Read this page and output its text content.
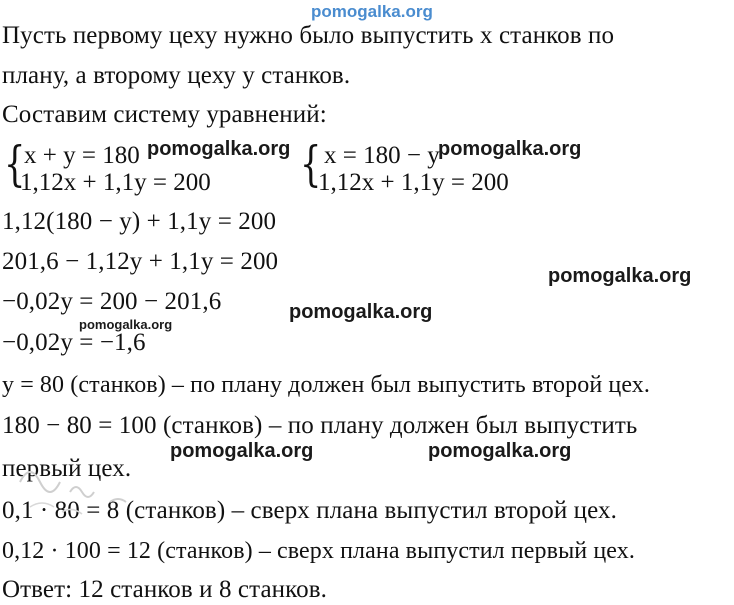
pomogalka.org
Пусть первому цеху нужно было выпустить x станков по
плану, а второму цеху y станков.
Составим систему уравнений:
{
x + y = 180
1,12x + 1,1y = 200 { x = 180 − y
1,12x + 1,1y = 200
1,12(180 − y) + 1,1y = 200
201,6 − 1,12y + 1,1y = 200
−0,02y = 200 − 201,6
−0,02y = −1,6
y = 80 (станков) – по плану должен был выпустить второй цех.
180 − 80 = 100 (станков) – по плану должен был выпустить
первый цех.
0,1 · 80 = 8 (станков) – сверх плана выпустил второй цех.
0,12 · 100 = 12 (станков) – сверх плана выпустил первый цех.
Ответ: 12 станков и 8 станков.
pomogalka.org	pomogalka.org
pomogalka.org
pomogalka.org
pomogalka.org
pomogalka.org	pomogalka.org
